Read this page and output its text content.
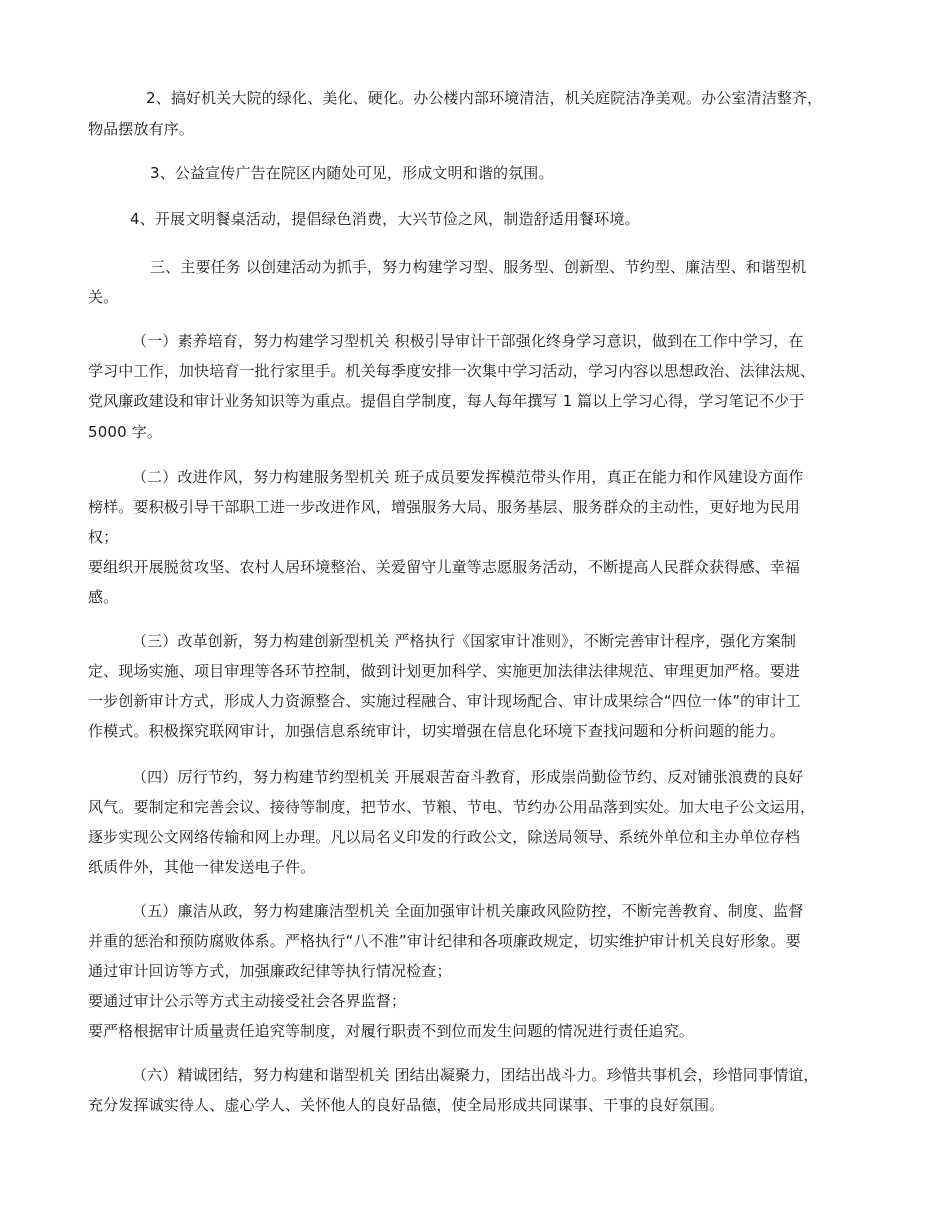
2、搞好机关大院的绿化、美化、硬化。办公楼内部环境清洁，机关庭院洁净美观。办公室清洁整齐，
物品摆放有序。
3、公益宣传广告在院区内随处可见，形成文明和谐的氛围。
4、开展文明餐桌活动，提倡绿色消费，大兴节俭之风，制造舒适用餐环境。
三、主要任务 以创建活动为抓手，努力构建学习型、服务型、创新型、节约型、廉洁型、和谐型机
关。
（一）素养培育，努力构建学习型机关 积极引导审计干部强化终身学习意识，做到在工作中学习，在
学习中工作，加快培育一批行家里手。机关每季度安排一次集中学习活动，学习内容以思想政治、法律法规、
党风廉政建设和审计业务知识等为重点。提倡自学制度，每人每年撰写 1 篇以上学习心得，学习笔记不少于
5000 字。
（二）改进作风，努力构建服务型机关 班子成员要发挥模范带头作用，真正在能力和作风建设方面作
榜样。要积极引导干部职工进一步改进作风，增强服务大局、服务基层、服务群众的主动性，更好地为民用
权；
要组织开展脱贫攻坚、农村人居环境整治、关爱留守儿童等志愿服务活动，不断提高人民群众获得感、幸福
感。
（三）改革创新，努力构建创新型机关 严格执行《国家审计准则》，不断完善审计程序，强化方案制
定、现场实施、项目审理等各环节控制，做到计划更加科学、实施更加法律法律规范、审理更加严格。要进
一步创新审计方式，形成人力资源整合、实施过程融合、审计现场配合、审计成果综合“四位一体”的审计工
作模式。积极探究联网审计，加强信息系统审计，切实增强在信息化环境下查找问题和分析问题的能力。
（四）厉行节约，努力构建节约型机关 开展艰苦奋斗教育，形成崇尚勤俭节约、反对铺张浪费的良好
风气。要制定和完善会议、接待等制度，把节水、节粮、节电、节约办公用品落到实处。加大电子公文运用，
逐步实现公文网络传输和网上办理。凡以局名义印发的行政公文，除送局领导、系统外单位和主办单位存档
纸质件外，其他一律发送电子件。
（五）廉洁从政，努力构建廉洁型机关 全面加强审计机关廉政风险防控，不断完善教育、制度、监督
并重的惩治和预防腐败体系。严格执行“八不准”审计纪律和各项廉政规定，切实维护审计机关良好形象。要
通过审计回访等方式，加强廉政纪律等执行情况检查；
要通过审计公示等方式主动接受社会各界监督；
要严格根据审计质量责任追究等制度，对履行职责不到位而发生问题的情况进行责任追究。
（六）精诚团结，努力构建和谐型机关 团结出凝聚力，团结出战斗力。珍惜共事机会，珍惜同事情谊，
充分发挥诚实待人、虚心学人、关怀他人的良好品德，使全局形成共同谋事、干事的良好氛围。
